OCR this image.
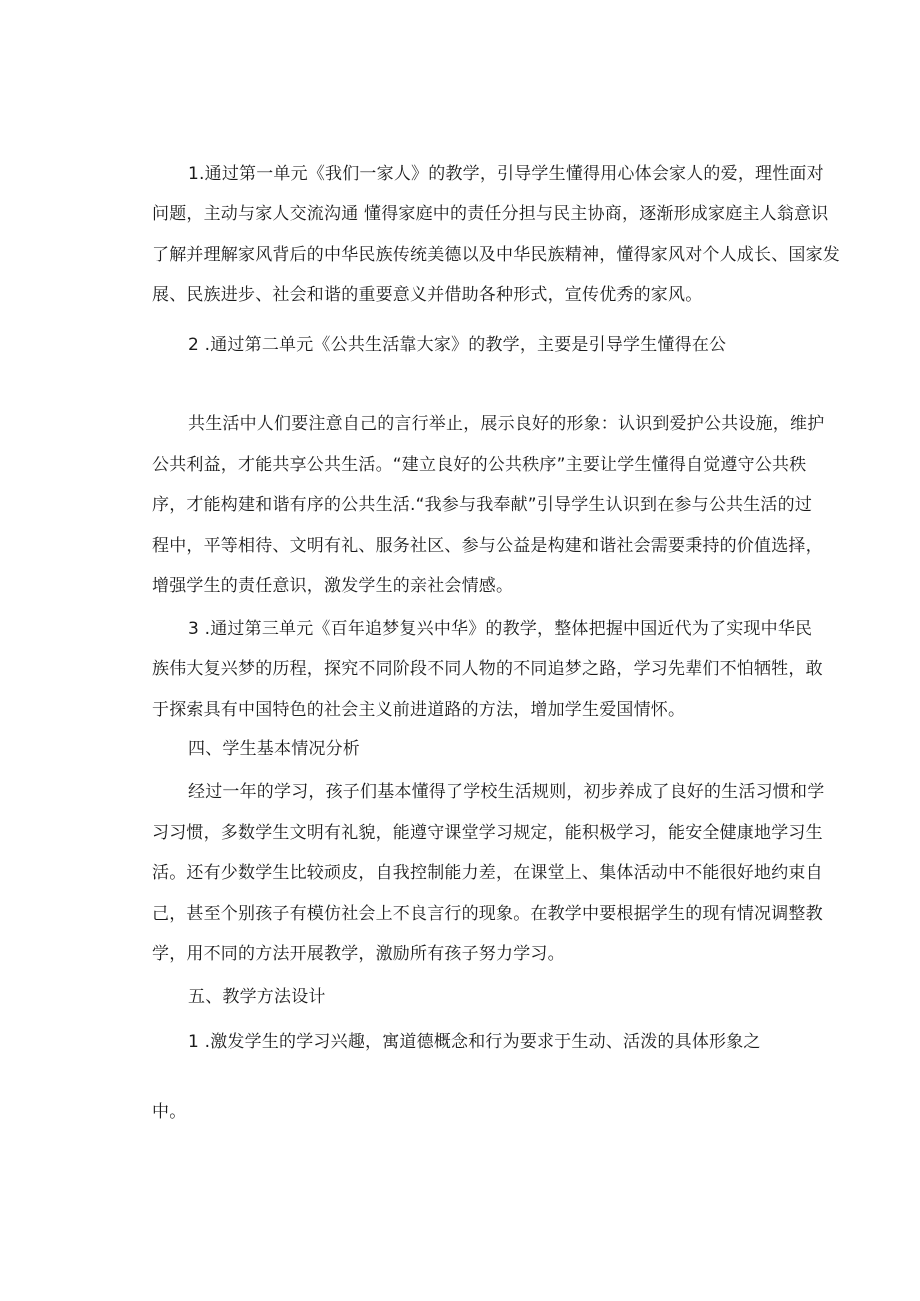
1.通过第一单元《我们一家人》的教学，引导学生懂得用心体会家人的爱，理性面对
问题，主动与家人交流沟通 懂得家庭中的责任分担与民主协商，逐渐形成家庭主人翁意识
了解并理解家风背后的中华民族传统美德以及中华民族精神，懂得家风对个人成长、国家发
展、民族进步、社会和谐的重要意义并借助各种形式，宣传优秀的家风。
2 .通过第二单元《公共生活靠大家》的教学，主要是引导学生懂得在公
共生活中人们要注意自己的言行举止，展示良好的形象：认识到爱护公共设施，维护
公共利益，才能共享公共生活。“建立良好的公共秩序”主要让学生懂得自觉遵守公共秩
序，才能构建和谐有序的公共生活.“我参与我奉献”引导学生认识到在参与公共生活的过
程中，平等相待、文明有礼、服务社区、参与公益是构建和谐社会需要秉持的价值选择，
增强学生的责任意识，激发学生的亲社会情感。
3 .通过第三单元《百年追梦复兴中华》的教学，整体把握中国近代为了实现中华民
族伟大复兴梦的历程，探究不同阶段不同人物的不同追梦之路，学习先辈们不怕牺牲，敢
于探索具有中国特色的社会主义前进道路的方法，增加学生爱国情怀。
四、学生基本情况分析
经过一年的学习，孩子们基本懂得了学校生活规则，初步养成了良好的生活习惯和学
习习惯，多数学生文明有礼貌，能遵守课堂学习规定，能积极学习，能安全健康地学习生
活。还有少数学生比较顽皮，自我控制能力差，在课堂上、集体活动中不能很好地约束自
己，甚至个别孩子有模仿社会上不良言行的现象。在教学中要根据学生的现有情况调整教
学，用不同的方法开展教学，激励所有孩子努力学习。
五、教学方法设计
1 .激发学生的学习兴趣，寓道德概念和行为要求于生动、活泼的具体形象之
中。
